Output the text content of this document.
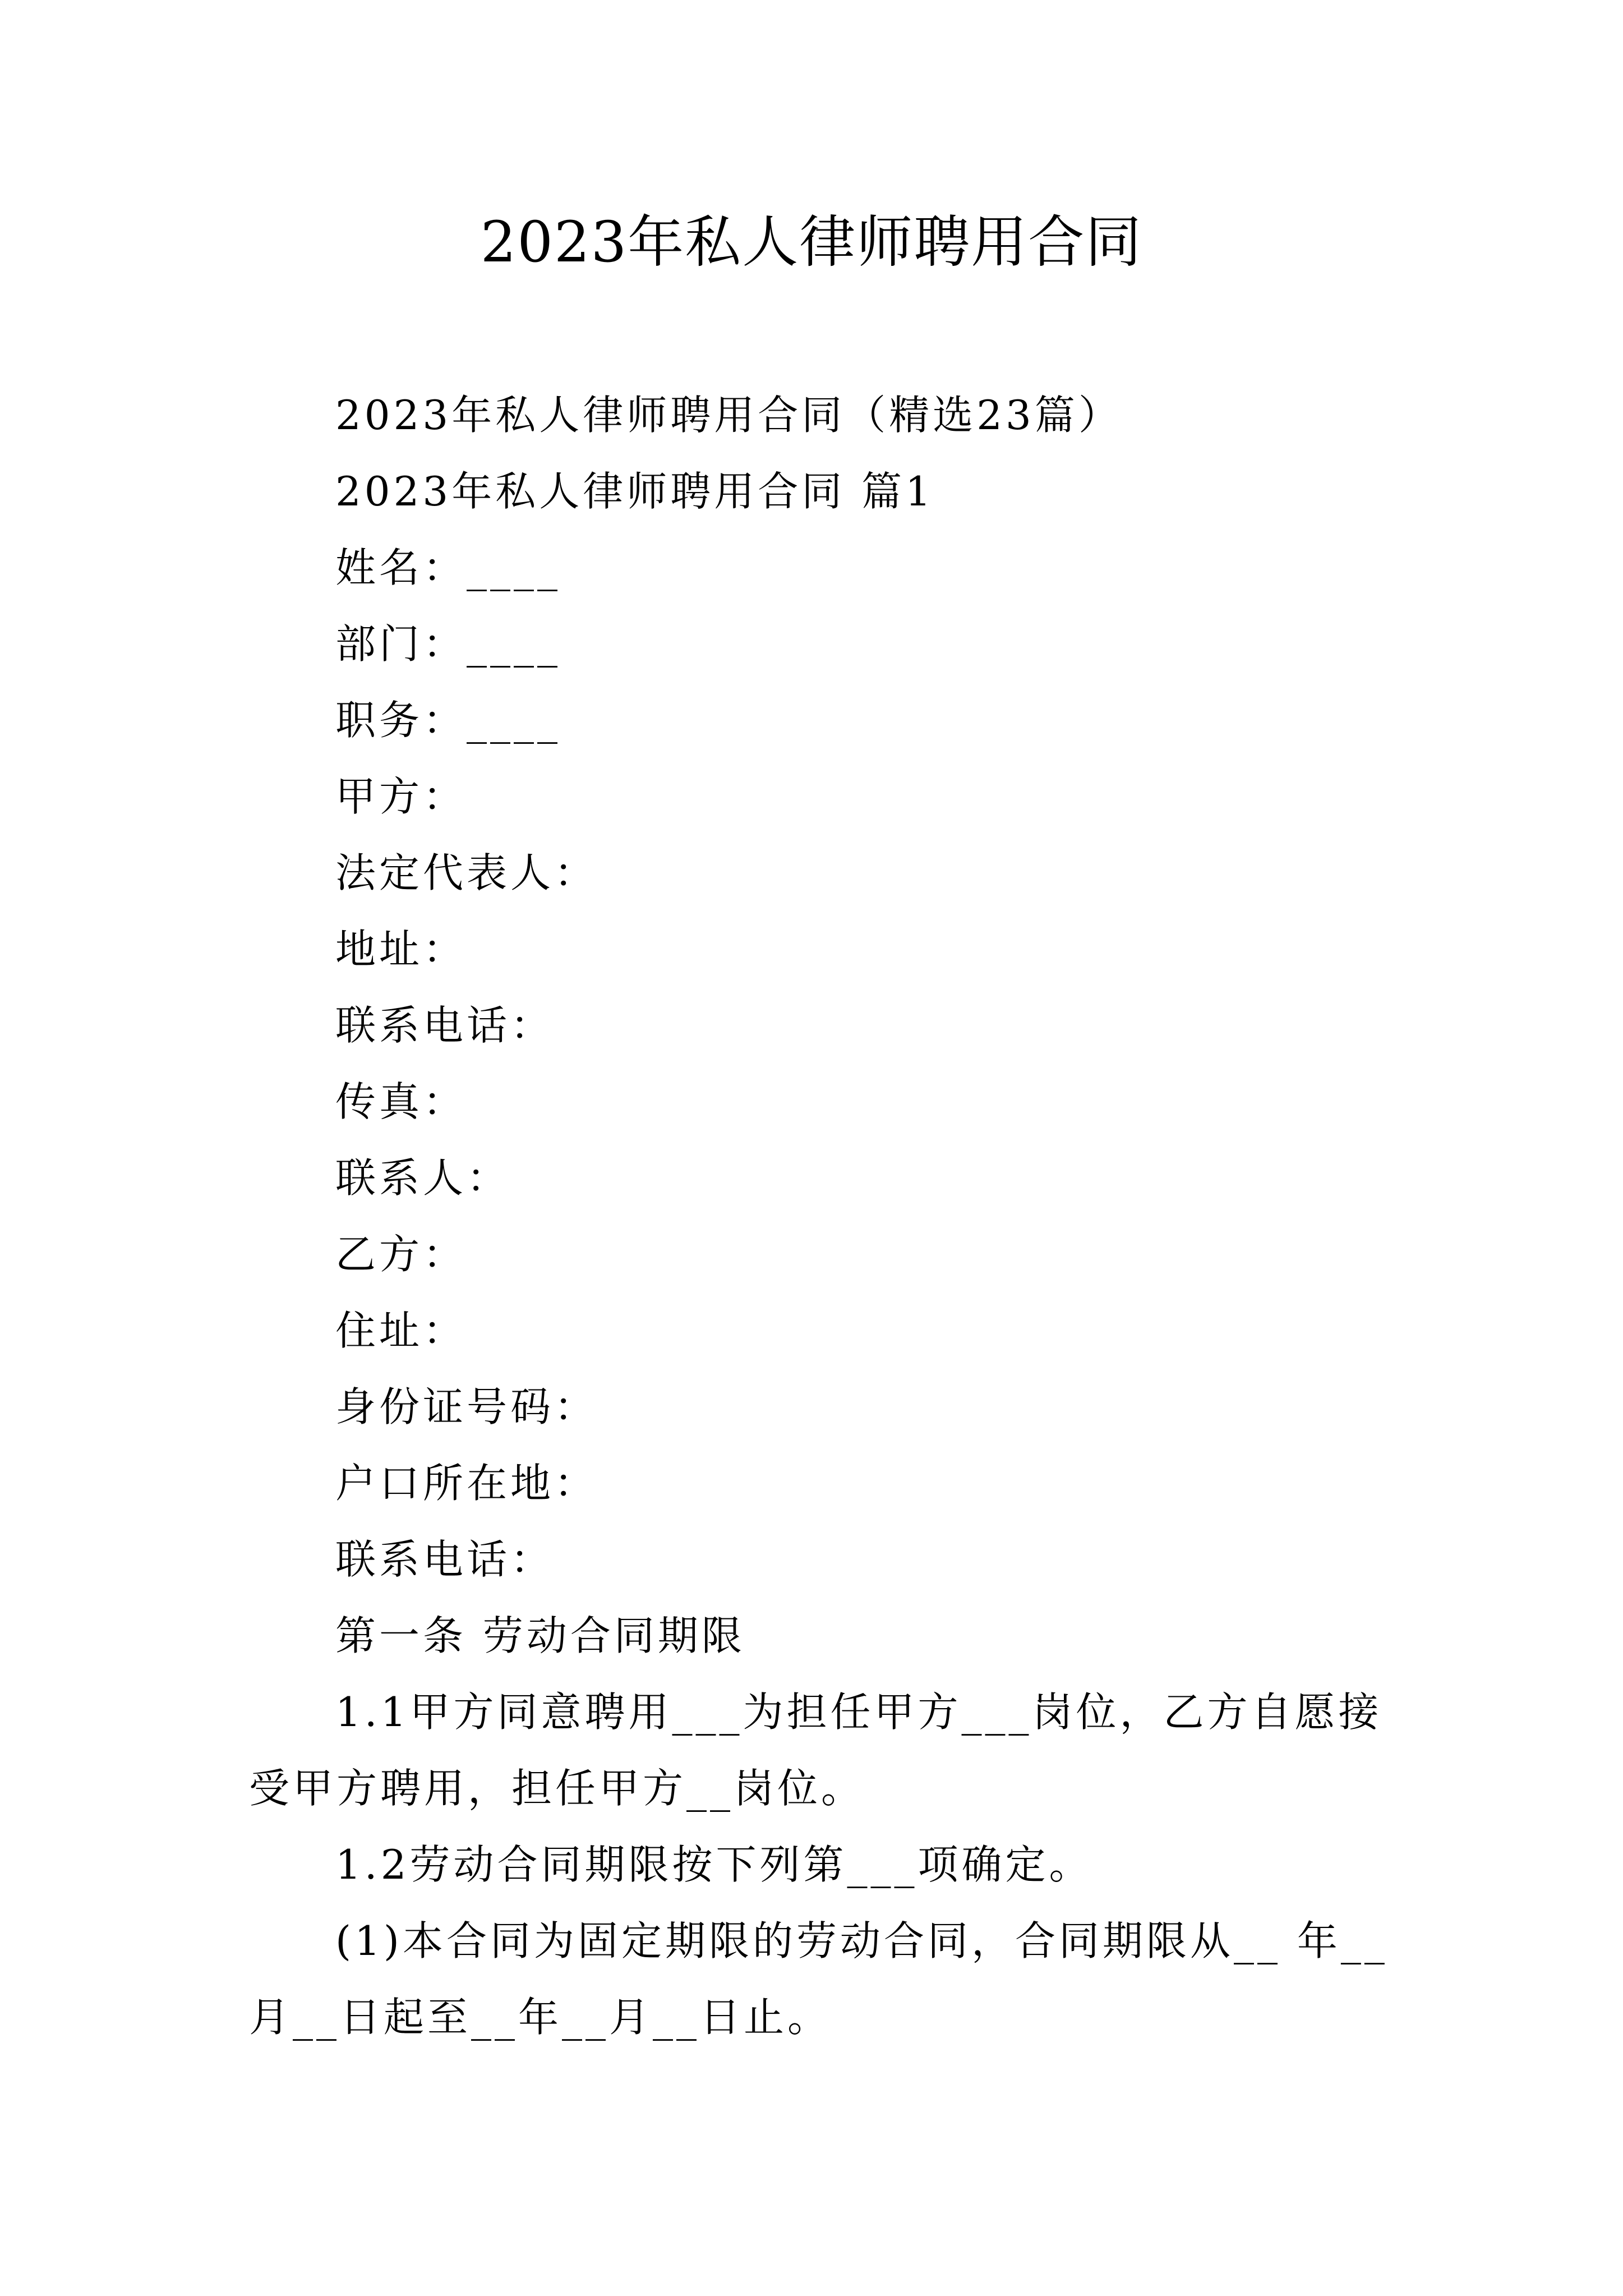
2023年私人律师聘用合同
2023年私人律师聘用合同（精选23篇）
2023年私人律师聘用合同 篇1
姓名：____
部门：____
职务：____
甲方：
法定代表人：
地址：
联系电话：
传真：
联系人：
乙方：
住址：
身份证号码：
户口所在地：
联系电话：
第一条 劳动合同期限
1.1甲方同意聘用___为担任甲方___岗位，乙方自愿接
受甲方聘用，担任甲方__岗位。
1.2劳动合同期限按下列第___项确定。
(1)本合同为固定期限的劳动合同，合同期限从__ 年__
月__日起至__年__月__日止。
